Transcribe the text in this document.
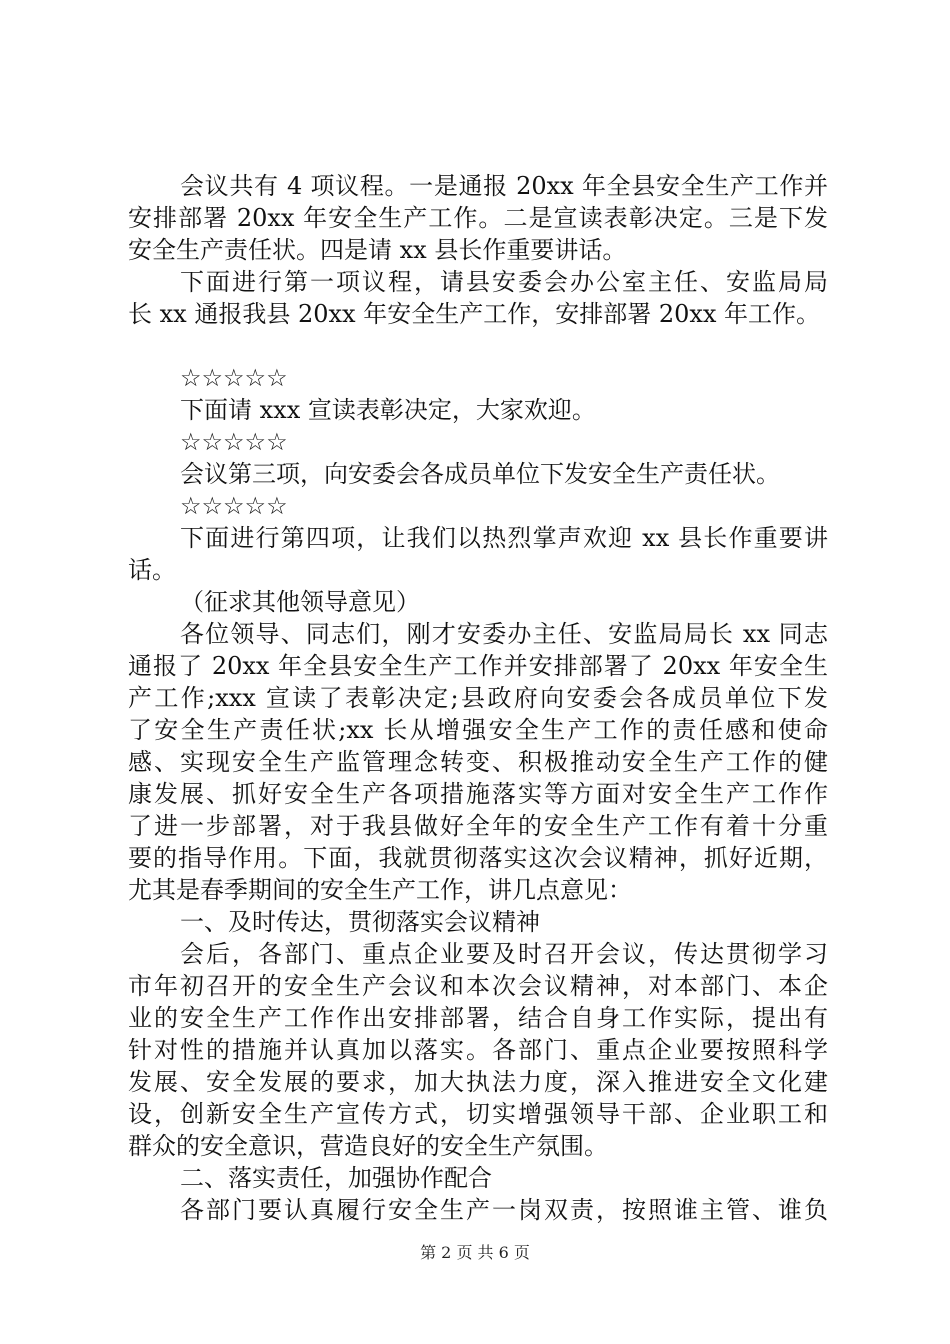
会议共有 4 项议程。一是通报 20xx 年全县安全生产工作并
安排部署 20xx 年安全生产工作。二是宣读表彰决定。三是下发
安全生产责任状。四是请 xx 县长作重要讲话。
下面进行第一项议程，请县安委会办公室主任、安监局局
长 xx 通报我县 20xx 年安全生产工作，安排部署 20xx 年工作。
☆☆☆☆☆
下面请 xxx 宣读表彰决定，大家欢迎。
☆☆☆☆☆
会议第三项，向安委会各成员单位下发安全生产责任状。
☆☆☆☆☆
下面进行第四项，让我们以热烈掌声欢迎 xx 县长作重要讲
话。
（征求其他领导意见）
各位领导、同志们，刚才安委办主任、安监局局长 xx 同志
通报了 20xx 年全县安全生产工作并安排部署了 20xx 年安全生
产工作;xxx 宣读了表彰决定;县政府向安委会各成员单位下发
了安全生产责任状;xx 长从增强安全生产工作的责任感和使命
感、实现安全生产监管理念转变、积极推动安全生产工作的健
康发展、抓好安全生产各项措施落实等方面对安全生产工作作
了进一步部署，对于我县做好全年的安全生产工作有着十分重
要的指导作用。下面，我就贯彻落实这次会议精神，抓好近期，
尤其是春季期间的安全生产工作，讲几点意见：
一、及时传达，贯彻落实会议精神
会后，各部门、重点企业要及时召开会议，传达贯彻学习
市年初召开的安全生产会议和本次会议精神，对本部门、本企
业的安全生产工作作出安排部署，结合自身工作实际，提出有
针对性的措施并认真加以落实。各部门、重点企业要按照科学
发展、安全发展的要求，加大执法力度，深入推进安全文化建
设，创新安全生产宣传方式，切实增强领导干部、企业职工和
群众的安全意识，营造良好的安全生产氛围。
二、落实责任，加强协作配合
各部门要认真履行安全生产一岗双责，按照谁主管、谁负
第 2 页 共 6 页
